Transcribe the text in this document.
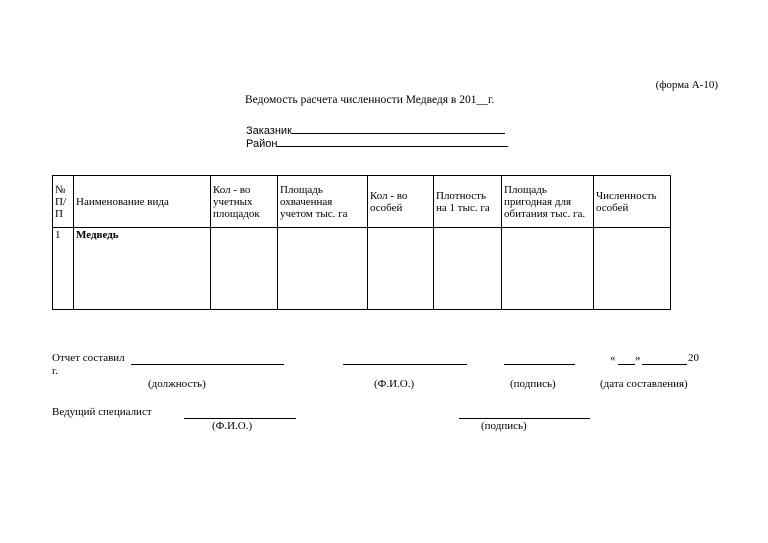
(форма А-10)
Ведомость расчета численности Медведя в 201__г.
Заказник
Район
№ П/ П	Наименование вида	Кол - во учетных площадок	Площадь охваченная учетом тыс. га	Кол - во особей	Плотность на 1 тыс. га	Площадь пригодная для обитания тыс. га.	Численность особей
1	Медведь						
Отчет составил	« »	20
г.
(должность)	(Ф.И.О.)	(подпись)	(дата составления)
Ведущий специалист
(Ф.И.О.)	(подпись)
